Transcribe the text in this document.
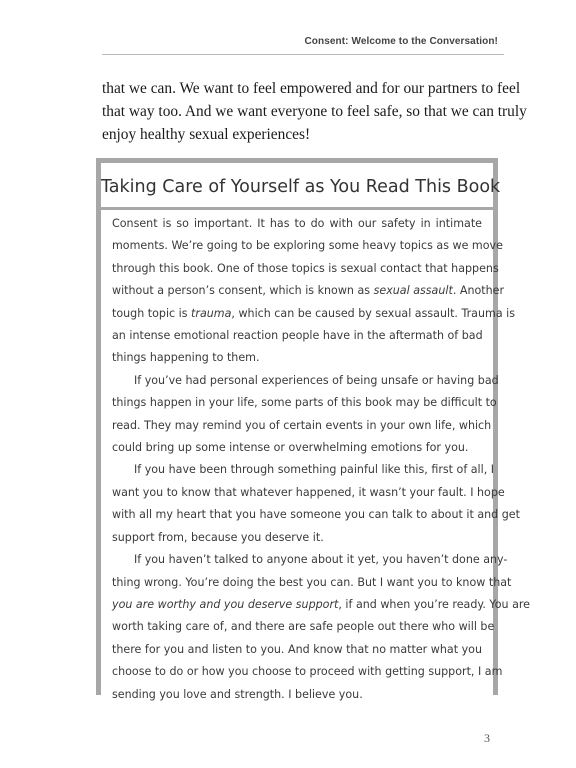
Consent: Welcome to the Conversation!
that we can. We want to feel empowered and for our partners to feel
that way too. And we want everyone to feel safe, so that we can truly
enjoy healthy sexual experiences!
Taking Care of Yourself as You Read This Book
Consent is so important. It has to do with our safety in intimate
moments. We’re going to be exploring some heavy topics as we move
through this book. One of those topics is sexual contact that happens
without a person’s consent, which is known as sexual assault. Another
tough topic is trauma, which can be caused by sexual assault. Trauma is
an intense emotional reaction people have in the aftermath of bad
things happening to them.
If you’ve had personal experiences of being unsafe or having bad
things happen in your life, some parts of this book may be difficult to
read. They may remind you of certain events in your own life, which
could bring up some intense or overwhelming emotions for you.
If you have been through something painful like this, first of all, I
want you to know that whatever happened, it wasn’t your fault. I hope
with all my heart that you have someone you can talk to about it and get
support from, because you deserve it.
If you haven’t talked to anyone about it yet, you haven’t done any-
thing wrong. You’re doing the best you can. But I want you to know that
you are worthy and you deserve support, if and when you’re ready. You are
worth taking care of, and there are safe people out there who will be
there for you and listen to you. And know that no matter what you
choose to do or how you choose to proceed with getting support, I am
sending you love and strength. I believe you.
3
